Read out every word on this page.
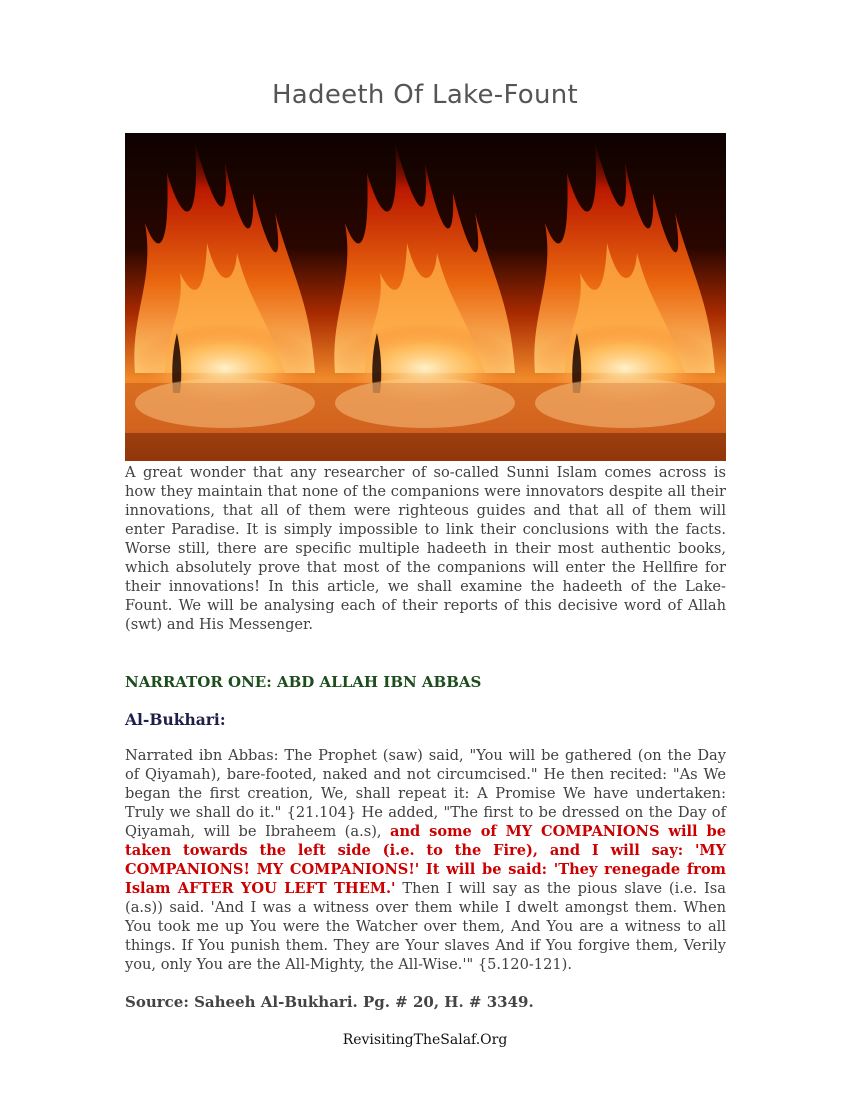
Hadeeth Of Lake-Fount
A great wonder that any researcher of so-called Sunni Islam comes across is how they maintain that none of the companions were innovators despite all their innovations, that all of them were righteous guides and that all of them will enter Paradise. It is simply impossible to link their conclusions with the facts. Worse still, there are specific multiple hadeeth in their most authentic books, which absolutely prove that most of the companions will enter the Hellfire for their innovations! In this article, we shall examine the hadeeth of the Lake-Fount. We will be analysing each of their reports of this decisive word of Allah (swt) and His Messenger.
NARRATOR ONE: ABD ALLAH IBN ABBAS
Al-Bukhari:
Narrated ibn Abbas: The Prophet (saw) said, "You will be gathered (on the Day of Qiyamah), bare-footed, naked and not circumcised." He then recited: "As We began the first creation, We, shall repeat it: A Promise We have undertaken: Truly we shall do it." {21.104} He added, "The first to be dressed on the Day of Qiyamah, will be Ibraheem (a.s), and some of MY COMPANIONS will be taken towards the left side (i.e. to the Fire), and I will say: 'MY COMPANIONS! MY COMPANIONS!' It will be said: 'They renegade from Islam AFTER YOU LEFT THEM.' Then I will say as the pious slave (i.e. Isa (a.s)) said. 'And I was a witness over them while I dwelt amongst them. When You took me up You were the Watcher over them, And You are a witness to all things. If You punish them. They are Your slaves And if You forgive them, Verily you, only You are the All-Mighty, the All-Wise.'" {5.120-121).
Source: Saheeh Al-Bukhari. Pg. # 20, H. # 3349.
RevisitingTheSalaf.Org
